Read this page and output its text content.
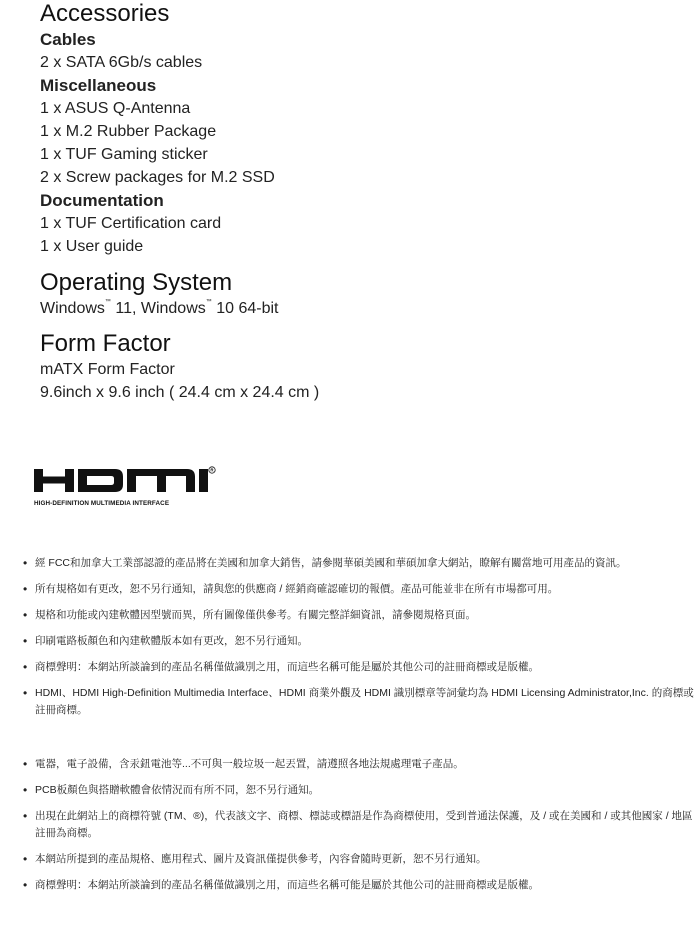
Accessories
Cables
2 x SATA 6Gb/s cables
Miscellaneous
1 x ASUS Q-Antenna
1 x M.2 Rubber Package
1 x TUF Gaming sticker
2 x Screw packages for M.2 SSD
Documentation
1 x TUF Certification card
1 x User guide
Operating System
Windows™ 11, Windows™ 10 64-bit
Form Factor
mATX Form Factor
9.6inch x 9.6 inch ( 24.4 cm x 24.4 cm )
R
HIGH-DEFINITION MULTIMEDIA INTERFACE
• 經 FCC和加拿大工業部認證的產品將在美國和加拿大銷售，請參閱華碩美國和華碩加拿大網站，瞭解有關當地可用產品的資訊。
• 所有規格如有更改，恕不另行通知，請與您的供應商 / 經銷商確認確切的報價。產品可能並非在所有市場都可用。
• 規格和功能或內建軟體因型號而異，所有圖像僅供參考。有關完整詳細資訊，請參閱規格頁面。
• 印刷電路板顏色和內建軟體版本如有更改，恕不另行通知。
• 商標聲明：本網站所談論到的產品名稱僅做識別之用，而這些名稱可能是屬於其他公司的註冊商標或是版權。
• HDMI、HDMI High-Definition Multimedia Interface、HDMI 商業外觀及 HDMI 識別標章等詞彙均為 HDMI Licensing Administrator,Inc. 的商標或註冊商標。
• 電器，電子設備，含汞鈕電池等...不可與一般垃圾一起丟置，請遵照各地法規處理電子產品。
• PCB板顏色與搭贈軟體會依情況而有所不同，恕不另行通知。
• 出現在此網站上的商標符號 (TM、®)，代表該文字、商標、標誌或標語是作為商標使用，受到普通法保護，及 / 或在美國和 / 或其他國家 / 地區註冊為商標。
• 本網站所提到的產品規格、應用程式、圖片及資訊僅提供參考，內容會隨時更新，恕不另行通知。
• 商標聲明：本網站所談論到的產品名稱僅做識別之用，而這些名稱可能是屬於其他公司的註冊商標或是版權。
